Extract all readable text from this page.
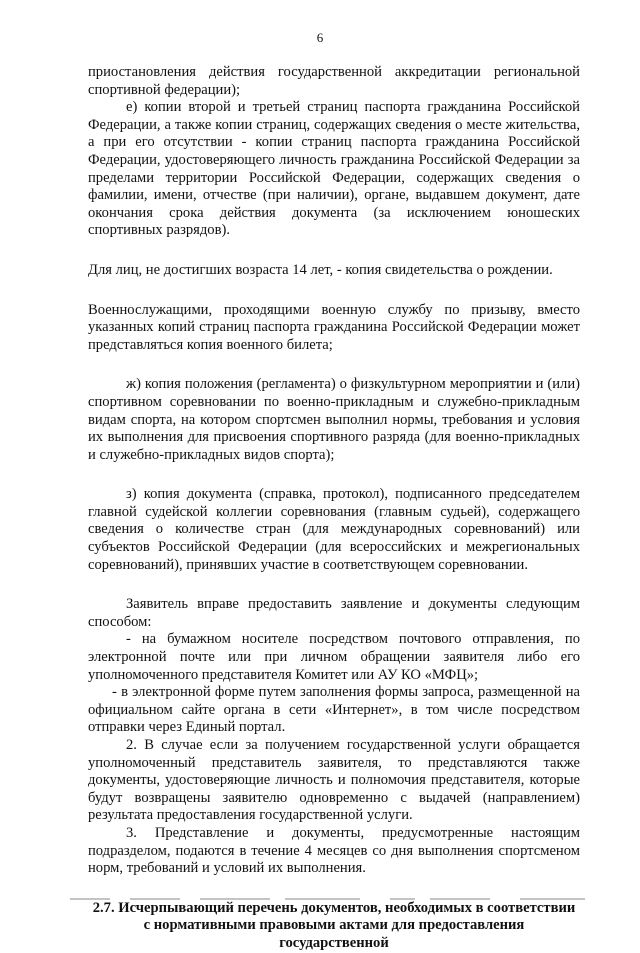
6

приостановления действия государственной аккредитации региональной спортивной федерации);

е) копии второй и третьей страниц паспорта гражданина Российской Федерации, а также копии страниц, содержащих сведения о месте жительства, а при его отсутствии - копии страниц паспорта гражданина Российской Федерации, удостоверяющего личность гражданина Российской Федерации за пределами территории Российской Федерации, содержащих сведения о фамилии, имени, отчестве (при наличии), органе, выдавшем документ, дате окончания срока действия документа (за исключением юношеских спортивных разрядов).

Для лиц, не достигших возраста 14 лет, - копия свидетельства о рождении.

Военнослужащими, проходящими военную службу по призыву, вместо указанных копий страниц паспорта гражданина Российской Федерации может представляться копия военного билета;

ж) копия положения (регламента) о физкультурном мероприятии и (или) спортивном соревновании по военно-прикладным и служебно-прикладным видам спорта, на котором спортсмен выполнил нормы, требования и условия их выполнения для присвоения спортивного разряда (для военно-прикладных и служебно-прикладных видов спорта);

з) копия документа (справка, протокол), подписанного председателем главной судейской коллегии соревнования (главным судьей), содержащего сведения о количестве стран (для международных соревнований) или субъектов Российской Федерации (для всероссийских и межрегиональных соревнований), принявших участие в соответствующем соревновании.

Заявитель вправе предоставить заявление и документы следующим способом:

- на бумажном носителе посредством почтового отправления, по электронной почте или при личном обращении заявителя либо его уполномоченного представителя Комитет или АУ КО «МФЦ»;

- в электронной форме путем заполнения формы запроса, размещенной на официальном сайте органа в сети «Интернет», в том числе посредством отправки через Единый портал.

2. В случае если за получением государственной услуги обращается уполномоченный представитель заявителя, то представляются также документы, удостоверяющие личность и полномочия представителя, которые будут возвращены заявителю одновременно с выдачей (направлением) результата предоставления государственной услуги.

3. Представление и документы, предусмотренные настоящим подразделом, подаются в течение 4 месяцев со дня выполнения спортсменом норм, требований и условий их выполнения.

2.7. Исчерпывающий перечень документов, необходимых в соответствии с нормативными правовыми актами для предоставления государственной
